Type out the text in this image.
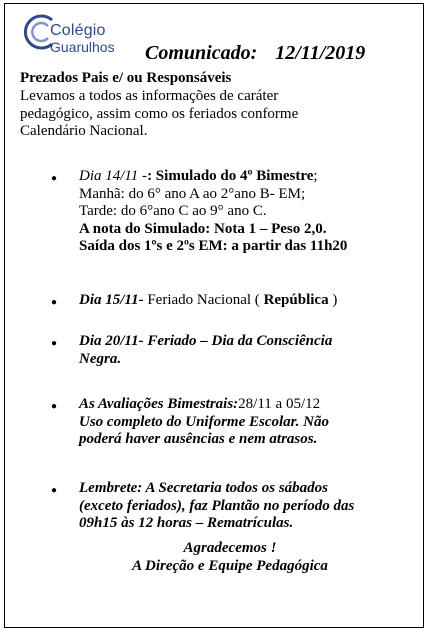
Colégio
Guarulhos Comunicado: 12/11/2019
Prezados Pais e/ ou Responsáveis
Levamos a todos as informações de caráter
pedagógico, assim como os feriados conforme
Calendário Nacional.
● Dia 14/11 -: Simulado do 4º Bimestre;
Manhã: do 6° ano A ao 2°ano B- EM;
Tarde: do 6°ano C ao 9° ano C.
A nota do Simulado: Nota 1 – Peso 2,0.
Saída dos 1ºs e 2ºs EM: a partir das 11h20
● Dia 15/11- Feriado Nacional ( República )
● Dia 20/11- Feriado – Dia da Consciência
Negra.
● As Avaliações Bimestrais:28/11 a 05/12
Uso completo do Uniforme Escolar. Não
poderá haver ausências e nem atrasos.
● Lembrete: A Secretaria todos os sábados
(exceto feriados), faz Plantão no período das
09h15 às 12 horas – Rematrículas.
Agradecemos !
A Direção e Equipe Pedagógica
